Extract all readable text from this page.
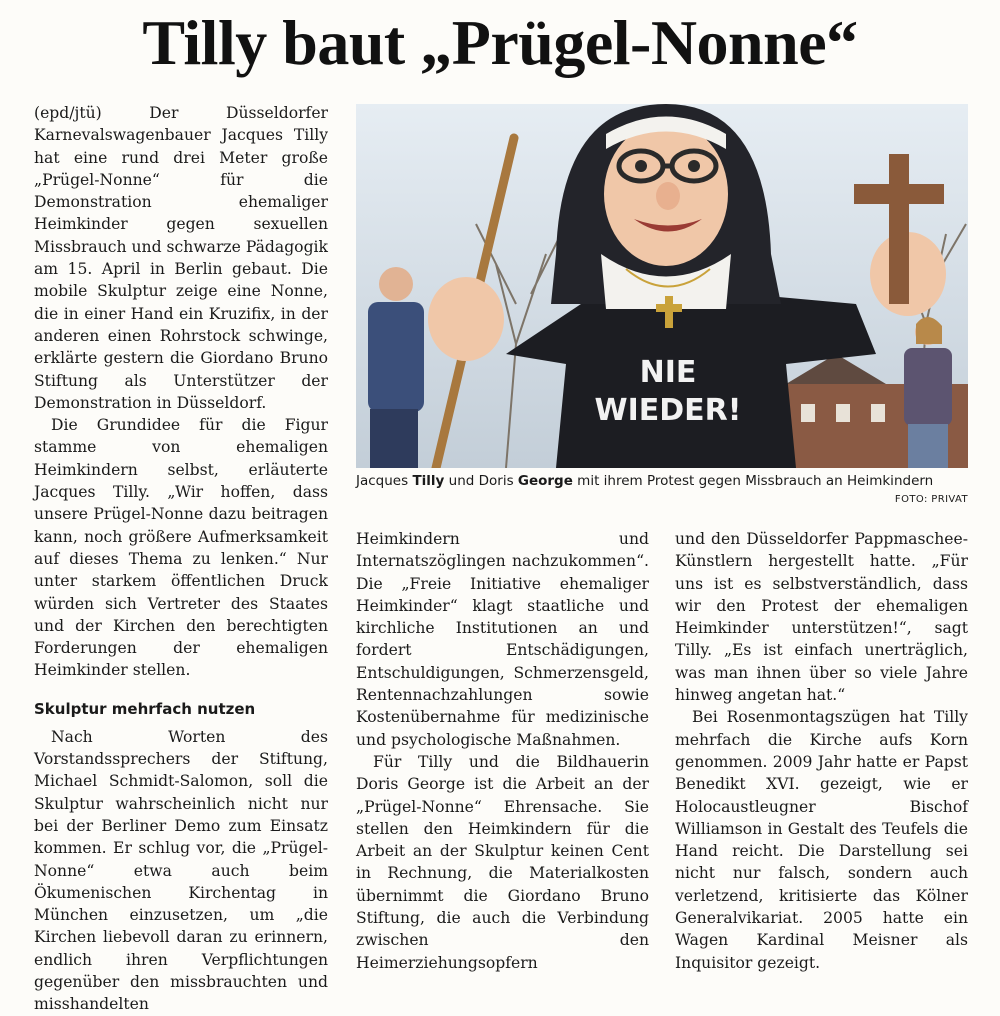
Tilly baut „Prügel-Nonne“

(epd/jtü) Der Düsseldorfer Karnevalswagenbauer Jacques Tilly hat eine rund drei Meter große „Prügel-Nonne“ für die Demonstration ehemaliger Heimkinder gegen sexuellen Missbrauch und schwarze Pädagogik am 15. April in Berlin gebaut. Die mobile Skulptur zeige eine Nonne, die in einer Hand ein Kruzifix, in der anderen einen Rohrstock schwinge, erklärte gestern die Giordano Bruno Stiftung als Unterstützer der Demonstration in Düsseldorf.

Die Grundidee für die Figur stamme von ehemaligen Heimkindern selbst, erläuterte Jacques Tilly. „Wir hoffen, dass unsere Prügel-Nonne dazu beitragen kann, noch größere Aufmerksamkeit auf dieses Thema zu lenken.“ Nur unter starkem öffentlichen Druck würden sich Vertreter des Staates und der Kirchen den berechtigten Forderungen der ehemaligen Heimkinder stellen.

Skulptur mehrfach nutzen

Nach Worten des Vorstandssprechers der Stiftung, Michael Schmidt-Salomon, soll die Skulptur wahrscheinlich nicht nur bei der Berliner Demo zum Einsatz kommen. Er schlug vor, die „Prügel-Nonne“ etwa auch beim Ökumenischen Kirchentag in München einzusetzen, um „die Kirchen liebevoll daran zu erinnern, endlich ihren Verpflichtungen gegenüber den missbrauchten und misshandelten

NIE
WIEDER!
Jacques Tilly und Doris George mit ihrem Protest gegen Missbrauch an Heimkindern
FOTO: PRIVAT

Heimkindern und Internatszöglingen nachzukommen“. Die „Freie Initiative ehemaliger Heimkinder“ klagt staatliche und kirchliche Institutionen an und fordert Entschädigungen, Entschuldigungen, Schmerzensgeld, Rentennachzahlungen sowie Kostenübernahme für medizinische und psychologische Maßnahmen.

Für Tilly und die Bildhauerin Doris George ist die Arbeit an der „Prügel-Nonne“ Ehrensache. Sie stellen den Heimkindern für die Arbeit an der Skulptur keinen Cent in Rechnung, die Materialkosten übernimmt die Giordano Bruno Stiftung, die auch die Verbindung zwischen den Heimerziehungsopfern

und den Düsseldorfer Pappmaschee-Künstlern hergestellt hatte. „Für uns ist es selbstverständlich, dass wir den Protest der ehemaligen Heimkinder unterstützen!“, sagt Tilly. „Es ist einfach unerträglich, was man ihnen über so viele Jahre hinweg angetan hat.“

Bei Rosenmontagszügen hat Tilly mehrfach die Kirche aufs Korn genommen. 2009 Jahr hatte er Papst Benedikt XVI. gezeigt, wie er Holocaustleugner Bischof Williamson in Gestalt des Teufels die Hand reicht. Die Darstellung sei nicht nur falsch, sondern auch verletzend, kritisierte das Kölner Generalvikariat. 2005 hatte ein Wagen Kardinal Meisner als Inquisitor gezeigt.
